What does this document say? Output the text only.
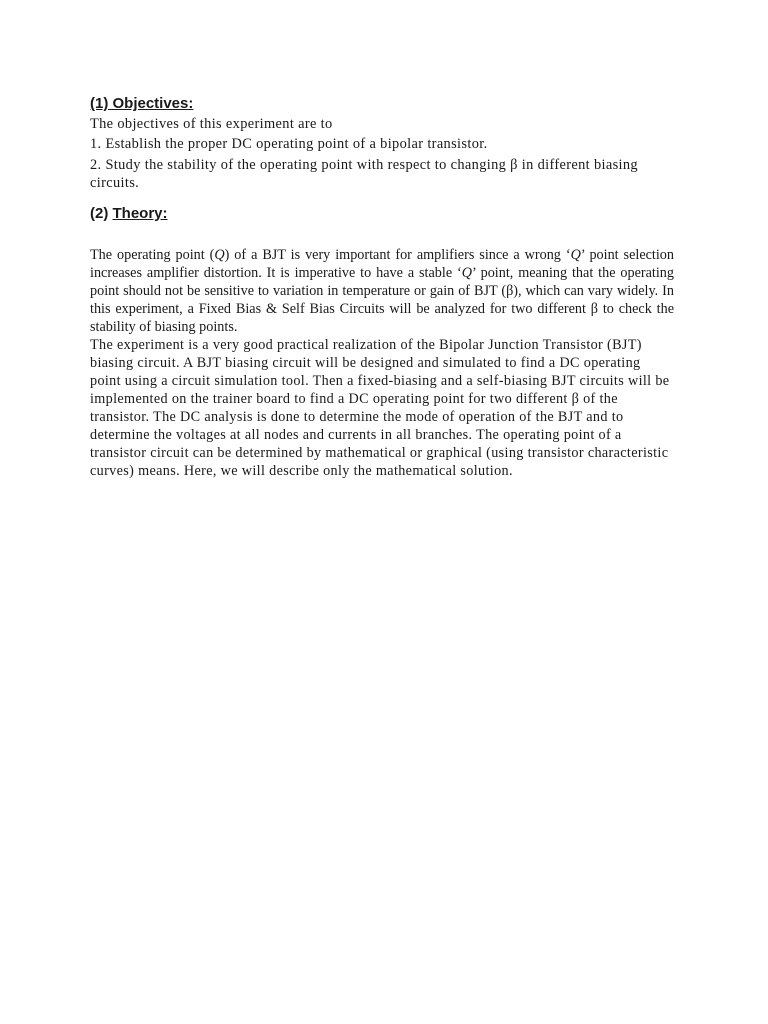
(1) Objectives:

The objectives of this experiment are to

1. Establish the proper DC operating point of a bipolar transistor.

2. Study the stability of the operating point with respect to changing β in different biasing circuits.

(2) Theory:

The operating point (Q) of a BJT is very important for amplifiers since a wrong ‘Q’ point selection increases amplifier distortion. It is imperative to have a stable ‘Q’ point, meaning that the operating point should not be sensitive to variation in temperature or gain of BJT (β), which can vary widely. In this experiment, a Fixed Bias & Self Bias Circuits will be analyzed for two different β to check the stability of biasing points.

The experiment is a very good practical realization of the Bipolar Junction Transistor (BJT) biasing circuit. A BJT biasing circuit will be designed and simulated to find a DC operating point using a circuit simulation tool. Then a fixed-biasing and a self-biasing BJT circuits will be implemented on the trainer board to find a DC operating point for two different β of the transistor. The DC analysis is done to determine the mode of operation of the BJT and to determine the voltages at all nodes and currents in all branches. The operating point of a transistor circuit can be determined by mathematical or graphical (using transistor characteristic curves) means. Here, we will describe only the mathematical solution.
